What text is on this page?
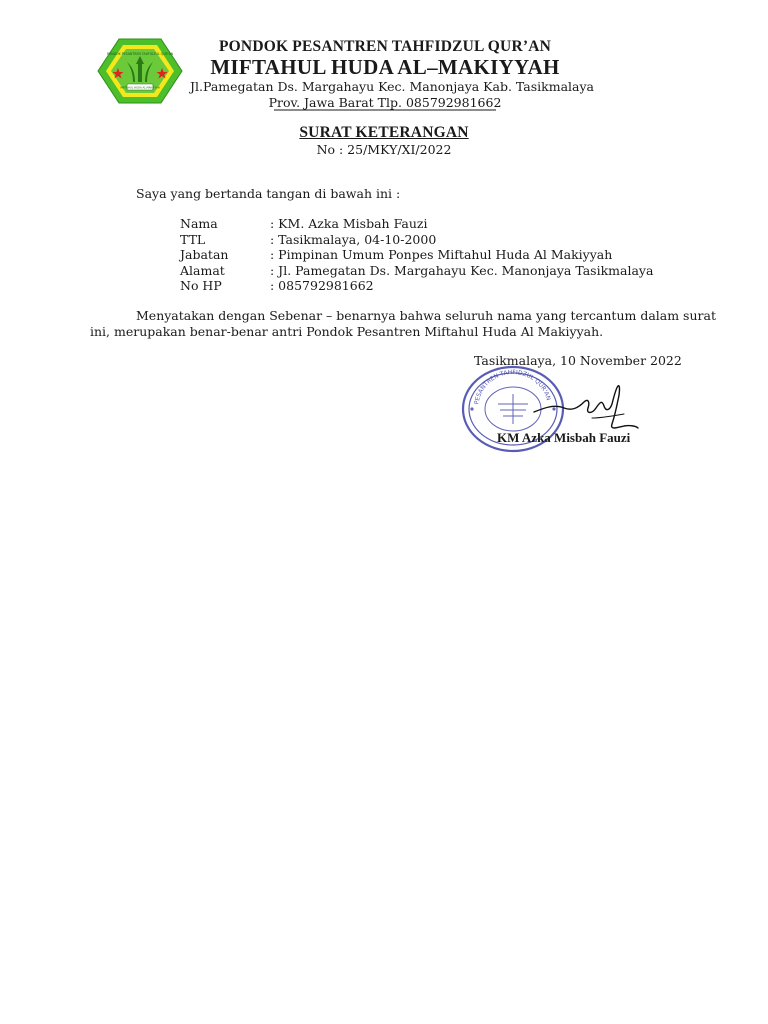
PONDOK PESANTREN TAHFIDZUL QUR'AN
MIFTAHUL HUDA AL MAKIYYAH
PONDOK PESANTREN TAHFIDZUL QUR’AN
MIFTAHUL HUDA AL–MAKIYYAH
Jl.Pamegatan Ds. Margahayu Kec. Manonjaya Kab. Tasikmalaya
Prov. Jawa Barat Tlp. 085792981662
SURAT KETERANGAN
No : 25/MKY/XI/2022
Saya yang bertanda tangan di bawah ini :
Nama	: KM. Azka Misbah Fauzi
TTL	: Tasikmalaya, 04-10-2000
Jabatan	: Pimpinan Umum Ponpes Miftahul Huda Al Makiyyah
Alamat	: Jl. Pamegatan Ds. Margahayu Kec. Manonjaya Tasikmalaya
No HP	: 085792981662
Menyatakan dengan Sebenar – benarnya bahwa seluruh nama yang tercantum dalam surat
ini, merupakan benar-benar antri Pondok Pesantren Miftahul Huda Al Makiyyah.
Tasikmalaya, 10 November 2022
PESANTREN TAHFIDZUL QUR'AN
KM Azka Misbah Fauzi
